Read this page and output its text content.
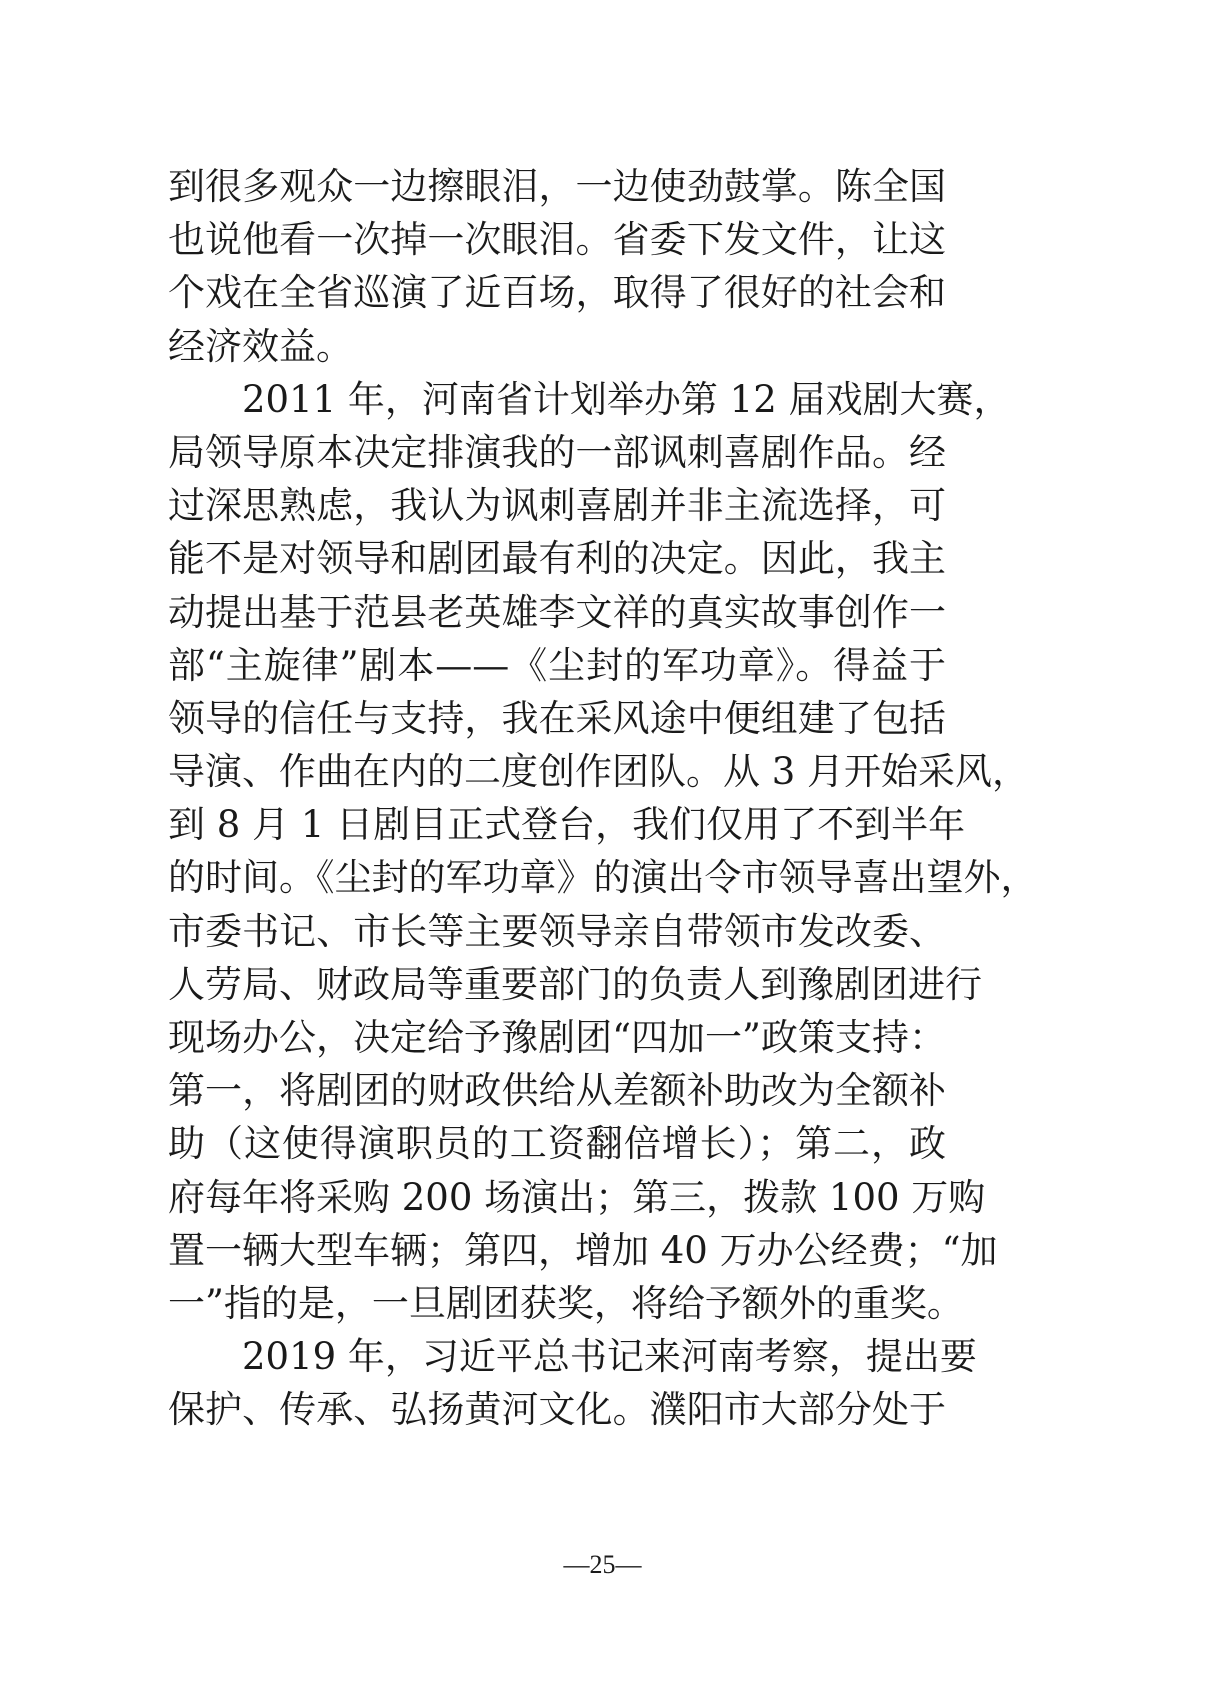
到很多观众一边擦眼泪，一边使劲鼓掌。陈全国
也说他看一次掉一次眼泪。省委下发文件，让这
个戏在全省巡演了近百场，取得了很好的社会和
经济效益。
2011 年，河南省计划举办第 12 届戏剧大赛，
局领导原本决定排演我的一部讽刺喜剧作品。经
过深思熟虑，我认为讽刺喜剧并非主流选择，可
能不是对领导和剧团最有利的决定。因此，我主
动提出基于范县老英雄李文祥的真实故事创作一
部“主旋律”剧本——《尘封的军功章》。得益于
领导的信任与支持，我在采风途中便组建了包括
导演、作曲在内的二度创作团队。从 3 月开始采风，
到 8 月 1 日剧目正式登台，我们仅用了不到半年
的时间。《尘封的军功章》的演出令市领导喜出望外，
市委书记、市长等主要领导亲自带领市发改委、
人劳局、财政局等重要部门的负责人到豫剧团进行
现场办公，决定给予豫剧团“四加一”政策支持：
第一，将剧团的财政供给从差额补助改为全额补
助（这使得演职员的工资翻倍增长）；第二，政
府每年将采购 200 场演出；第三，拨款 100 万购
置一辆大型车辆；第四，增加 40 万办公经费；“加
一”指的是，一旦剧团获奖，将给予额外的重奖。
2019 年，习近平总书记来河南考察，提出要
保护、传承、弘扬黄河文化。濮阳市大部分处于
—25—
